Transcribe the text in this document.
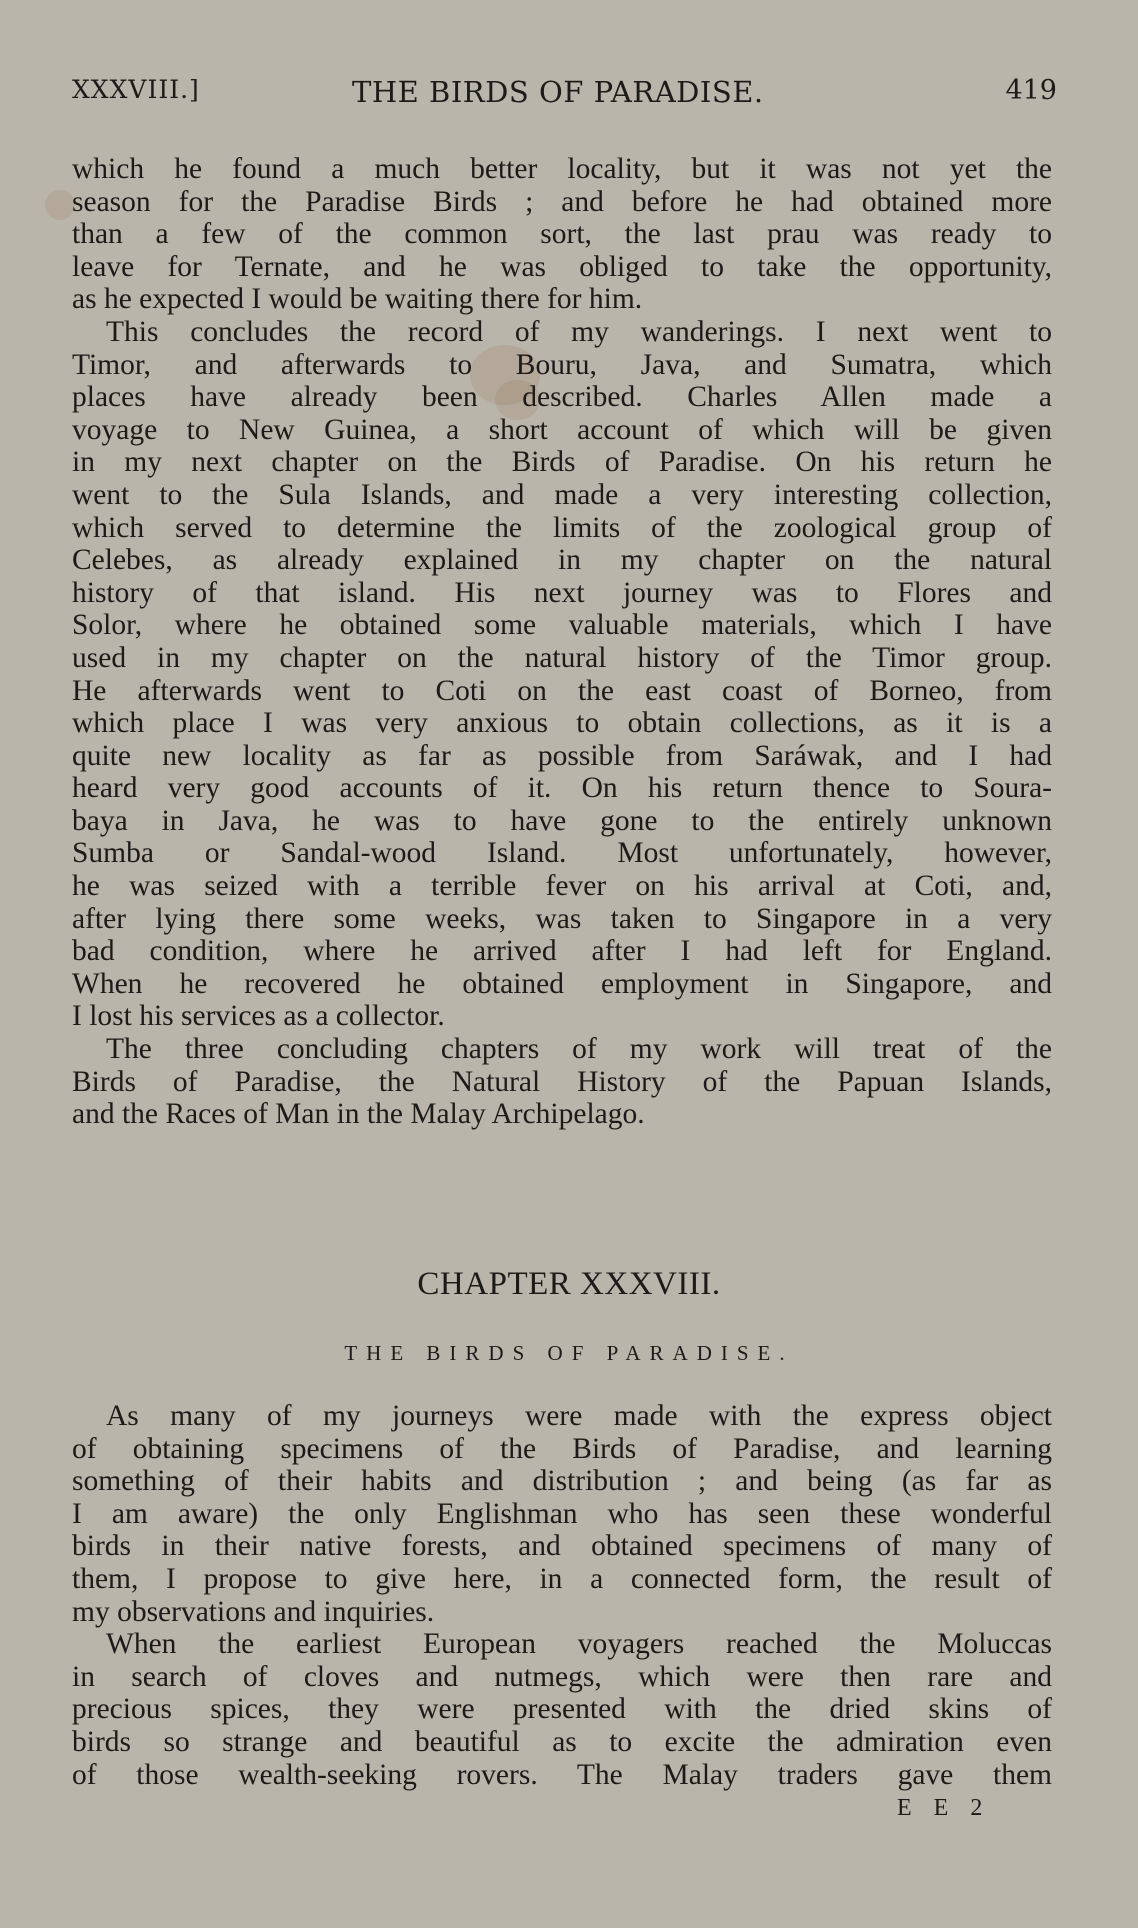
XXXVIII.]	THE BIRDS OF PARADISE.	419
which he found a much better locality, but it was not yet the
season for the Paradise Birds ; and before he had obtained more
than a few of the common sort, the last prau was ready to
leave for Ternate, and he was obliged to take the opportunity,
as he expected I would be waiting there for him.
This concludes the record of my wanderings. I next went to
Timor, and afterwards to Bouru, Java, and Sumatra, which
places have already been described. Charles Allen made a
voyage to New Guinea, a short account of which will be given
in my next chapter on the Birds of Paradise. On his return he
went to the Sula Islands, and made a very interesting collection,
which served to determine the limits of the zoological group of
Celebes, as already explained in my chapter on the natural
history of that island. His next journey was to Flores and
Solor, where he obtained some valuable materials, which I have
used in my chapter on the natural history of the Timor group.
He afterwards went to Coti on the east coast of Borneo, from
which place I was very anxious to obtain collections, as it is a
quite new locality as far as possible from Saráwak, and I had
heard very good accounts of it. On his return thence to Soura-
baya in Java, he was to have gone to the entirely unknown
Sumba or Sandal-wood Island. Most unfortunately, however,
he was seized with a terrible fever on his arrival at Coti, and,
after lying there some weeks, was taken to Singapore in a very
bad condition, where he arrived after I had left for England.
When he recovered he obtained employment in Singapore, and
I lost his services as a collector.
The three concluding chapters of my work will treat of the
Birds of Paradise, the Natural History of the Papuan Islands,
and the Races of Man in the Malay Archipelago.
CHAPTER XXXVIII.
THE BIRDS OF PARADISE.
As many of my journeys were made with the express object
of obtaining specimens of the Birds of Paradise, and learning
something of their habits and distribution ; and being (as far as
I am aware) the only Englishman who has seen these wonderful
birds in their native forests, and obtained specimens of many of
them, I propose to give here, in a connected form, the result of
my observations and inquiries.
When the earliest European voyagers reached the Moluccas
in search of cloves and nutmegs, which were then rare and
precious spices, they were presented with the dried skins of
birds so strange and beautiful as to excite the admiration even
of those wealth-seeking rovers. The Malay traders gave them
E E 2
